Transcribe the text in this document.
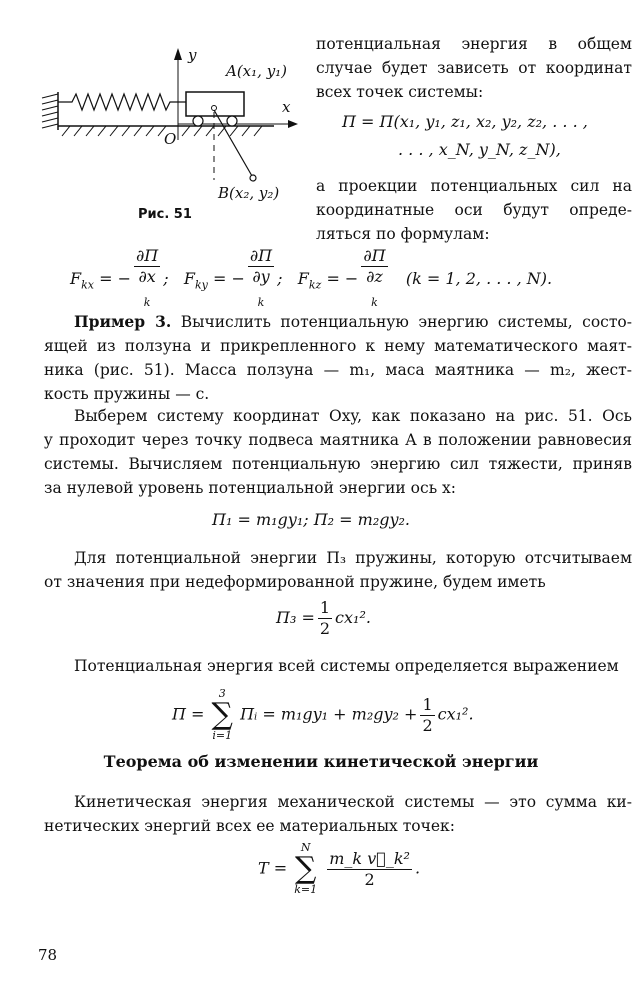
y
x
O
A(x₁, y₁)
B(x₂, y₂)
Рис. 51
потенциальная энергия в общем
случае будет зависеть от координат
всех точек системы:
П = П(x₁, y₁, z₁, x₂, y₂, z₂, . . . ,
. . . , x_N, y_N, z_N),
а проекции потенциальных сил на
координатные оси будут опреде-
ляться по формулам:
$F_{kx}$ = − ∂П
∂x
$_k$ ;   $F_{ky}$ = − ∂П
∂y
$_k$ ;   $F_{kz}$ = − ∂П
∂z
$_k$ (k = 1, 2, . . . , N).
Пример 3. Вычислить потенциальную энергию системы, состо-
ящей из ползуна и прикрепленного к нему математического маят-
ника (рис. 51). Масса ползуна — m₁, маса маятника — m₂, жест-
кость пружины — c.
Выберем систему координат Oxy, как показано на рис. 51. Ось
y проходит через точку подвеса маятника A в положении равновесия
системы. Вычисляем потенциальную энергию сил тяжести, приняв
за нулевой уровень потенциальной энергии ось x:
П₁ = m₁gy₁; П₂ = m₂gy₂.
Для потенциальной энергии П₃ пружины, которую отсчитываем
от значения при недеформированной пружине, будем иметь
$П_3 = \frac{1}{2} cx_1^2$.
Потенциальная энергия всей системы определяется выражением
П =
3
∑
i=1
Пᵢ = $m_1gy_1 + m_2gy_2 + \frac{1}{2} cx_1^2$.
Теорема об изменении кинетической энергии
Кинетическая энергия механической системы — это сумма ки-
нетических энергий всех ее материальных точек:
T =
N
∑
k=1
$\frac{\text{m\_k v⃗\_k²}}{2}$ .
78
